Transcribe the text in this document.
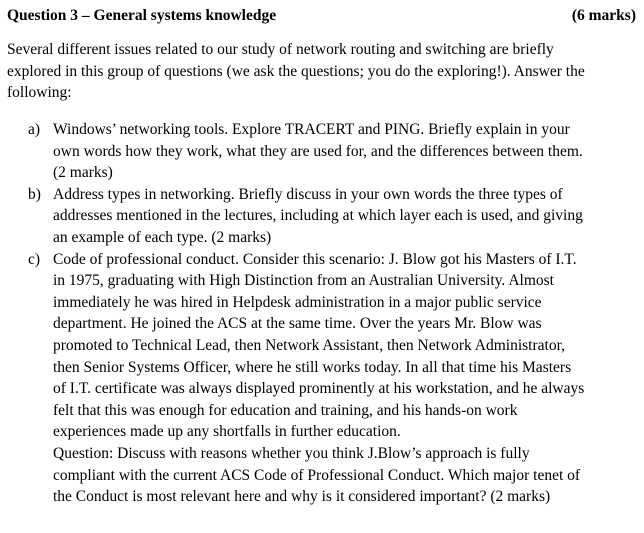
Question 3 – General systems knowledge	(6 marks)
Several different issues related to our study of network routing and switching are briefly
explored in this group of questions (we ask the questions; you do the exploring!). Answer the
following:
a) Windows’ networking tools. Explore TRACERT and PING. Briefly explain in your
own words how they work, what they are used for, and the differences between them.
(2 marks)
b) Address types in networking. Briefly discuss in your own words the three types of
addresses mentioned in the lectures, including at which layer each is used, and giving
an example of each type. (2 marks)
c) Code of professional conduct. Consider this scenario: J. Blow got his Masters of I.T.
in 1975, graduating with High Distinction from an Australian University. Almost
immediately he was hired in Helpdesk administration in a major public service
department. He joined the ACS at the same time. Over the years Mr. Blow was
promoted to Technical Lead, then Network Assistant, then Network Administrator,
then Senior Systems Officer, where he still works today. In all that time his Masters
of I.T. certificate was always displayed prominently at his workstation, and he always
felt that this was enough for education and training, and his hands-on work
experiences made up any shortfalls in further education.
Question: Discuss with reasons whether you think J.Blow’s approach is fully
compliant with the current ACS Code of Professional Conduct. Which major tenet of
the Conduct is most relevant here and why is it considered important? (2 marks)
